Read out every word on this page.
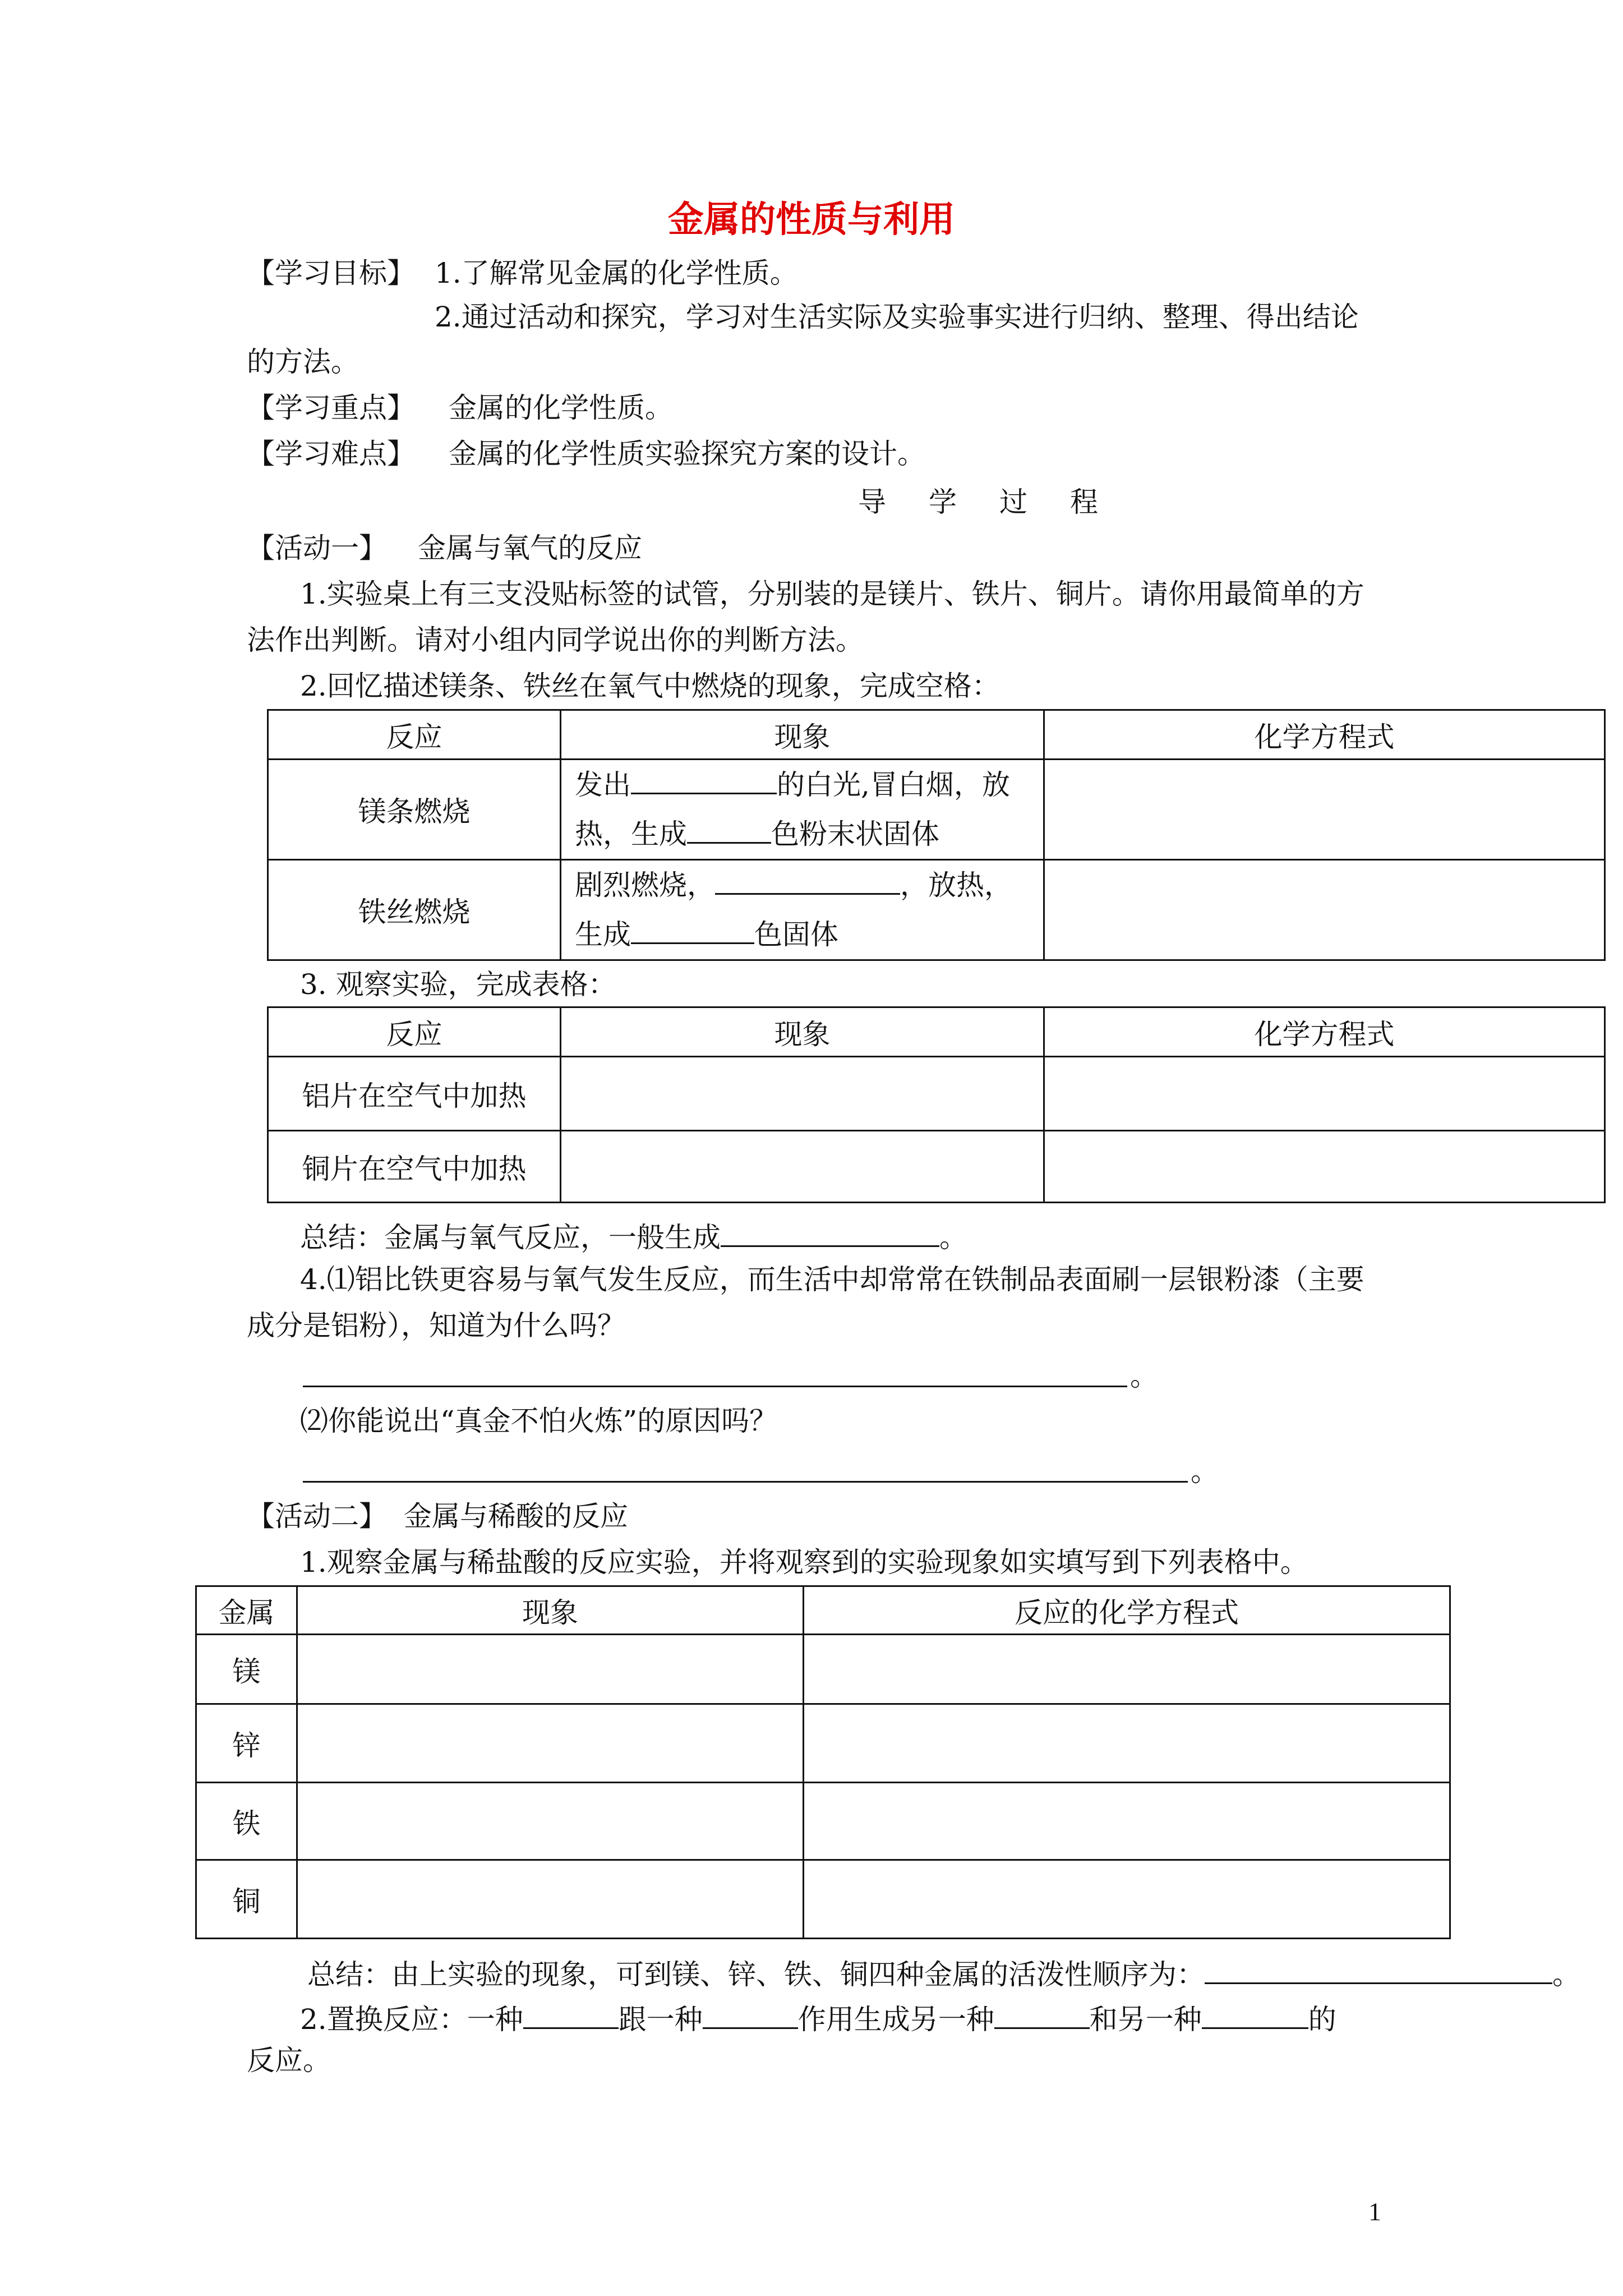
金属的性质与利用
【学习目标】 1.了解常见金属的化学性质。
2.通过活动和探究，学习对生活实际及实验事实进行归纳、整理、得出结论
的方法。
【学习重点】 金属的化学性质。
【学习难点】 金属的化学性质实验探究方案的设计。
导 学 过 程
【活动一】 金属与氧气的反应
1.实验桌上有三支没贴标签的试管，分别装的是镁片、铁片、铜片。请你用最简单的方
法作出判断。请对小组内同学说出你的判断方法。
2.回忆描述镁条、铁丝在氧气中燃烧的现象，完成空格：
反应	现象	化学方程式
镁条燃烧	发出 的白光,冒白烟，放
热，生成 色粉末状固体	

铁丝燃烧	剧烈燃烧， ，放热，
生成 色固体	

3. 观察实验，完成表格：
反应	现象	化学方程式
铝片在空气中加热		
铜片在空气中加热		
总结：金属与氧气反应，一般生成	。
4.⑴铝比铁更容易与氧气发生反应，而生活中却常常在铁制品表面刷一层银粉漆（主要
成分是铝粉），知道为什么吗？
。
⑵你能说出“真金不怕火炼”的原因吗？
。
【活动二】 金属与稀酸的反应
1.观察金属与稀盐酸的反应实验，并将观察到的实验现象如实填写到下列表格中。
金属	现象	反应的化学方程式
镁		
锌		
铁		
铜		
总结：由上实验的现象，可到镁、锌、铁、铜四种金属的活泼性顺序为：	。
2.置换反应：一种	跟一种	作用生成另一种	和另一种	的
反应。
1
